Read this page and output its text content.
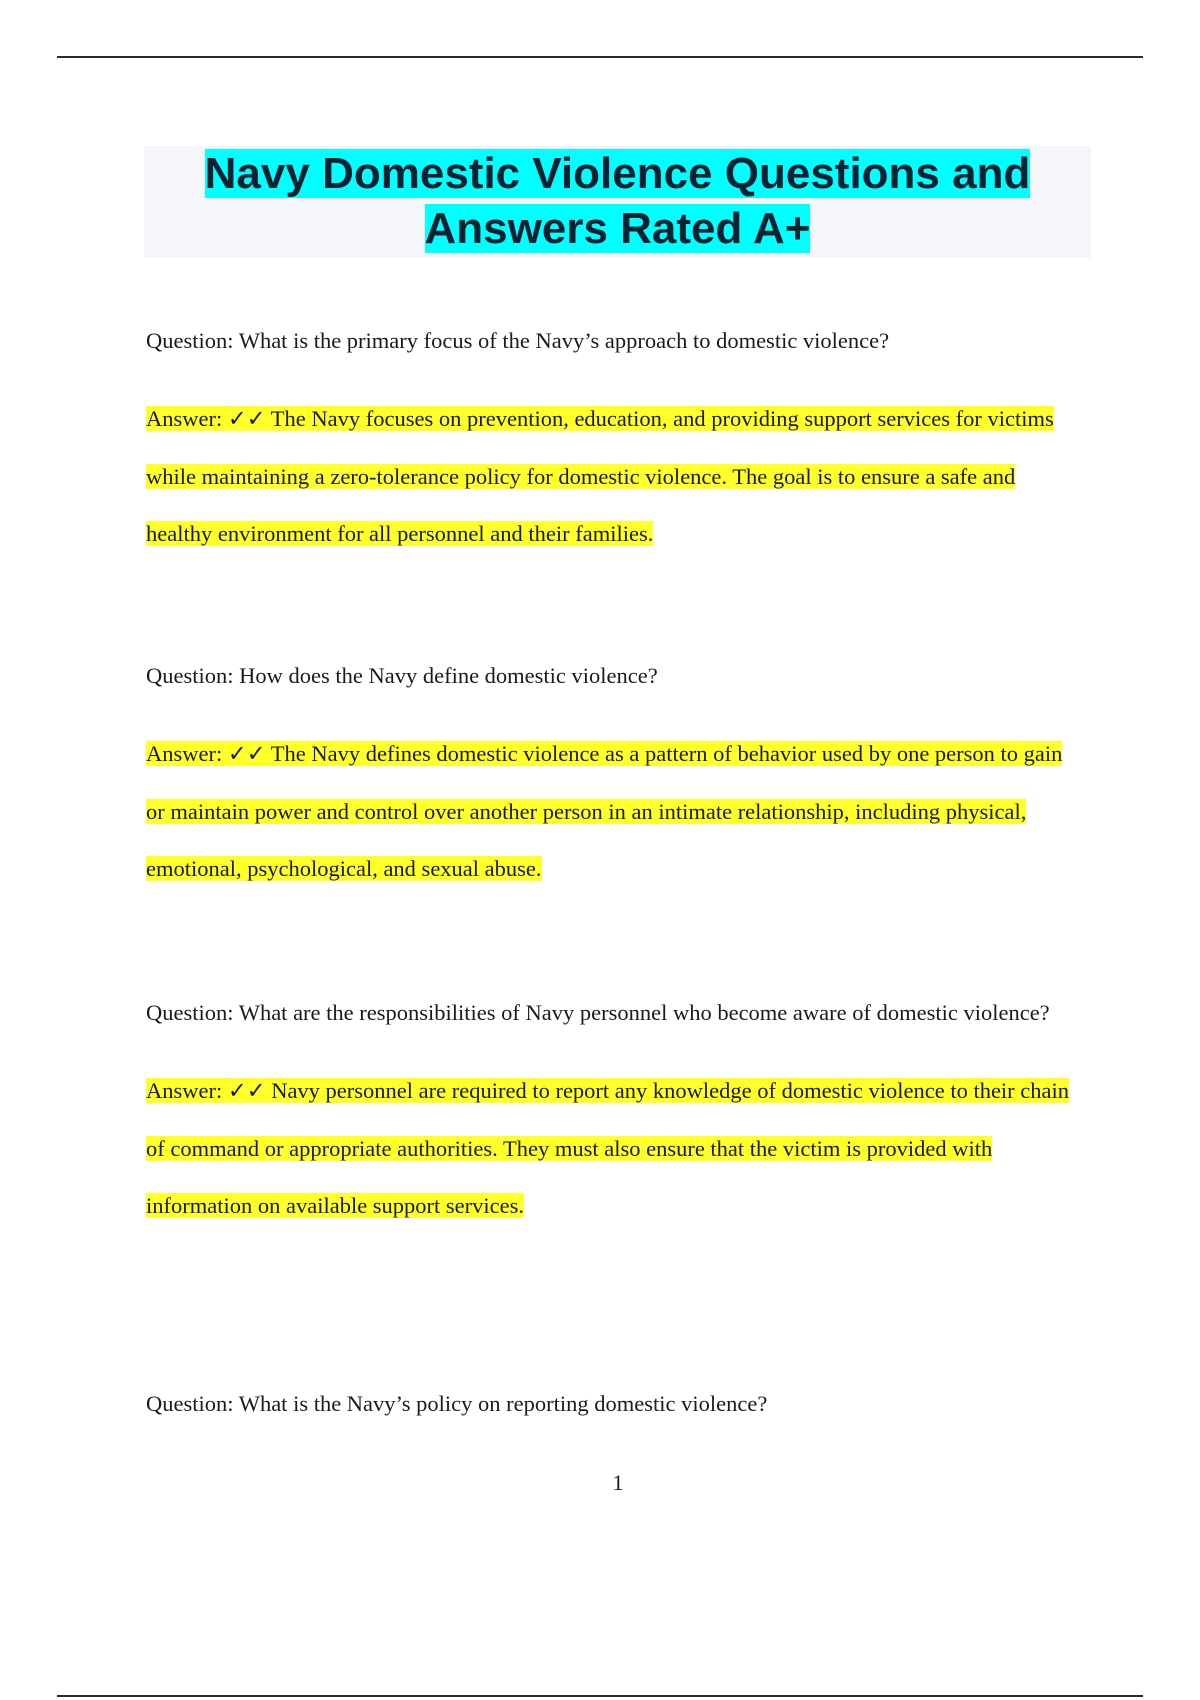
Navy Domestic Violence Questions and Answers Rated A+

Question: What is the primary focus of the Navy’s approach to domestic violence?

Answer: ✓✓ The Navy focuses on prevention, education, and providing support services for victims while maintaining a zero-tolerance policy for domestic violence. The goal is to ensure a safe and healthy environment for all personnel and their families.

Question: How does the Navy define domestic violence?

Answer: ✓✓ The Navy defines domestic violence as a pattern of behavior used by one person to gain or maintain power and control over another person in an intimate relationship, including physical, emotional, psychological, and sexual abuse.

Question: What are the responsibilities of Navy personnel who become aware of domestic violence?

Answer: ✓✓ Navy personnel are required to report any knowledge of domestic violence to their chain of command or appropriate authorities. They must also ensure that the victim is provided with information on available support services.

Question: What is the Navy’s policy on reporting domestic violence?

1
